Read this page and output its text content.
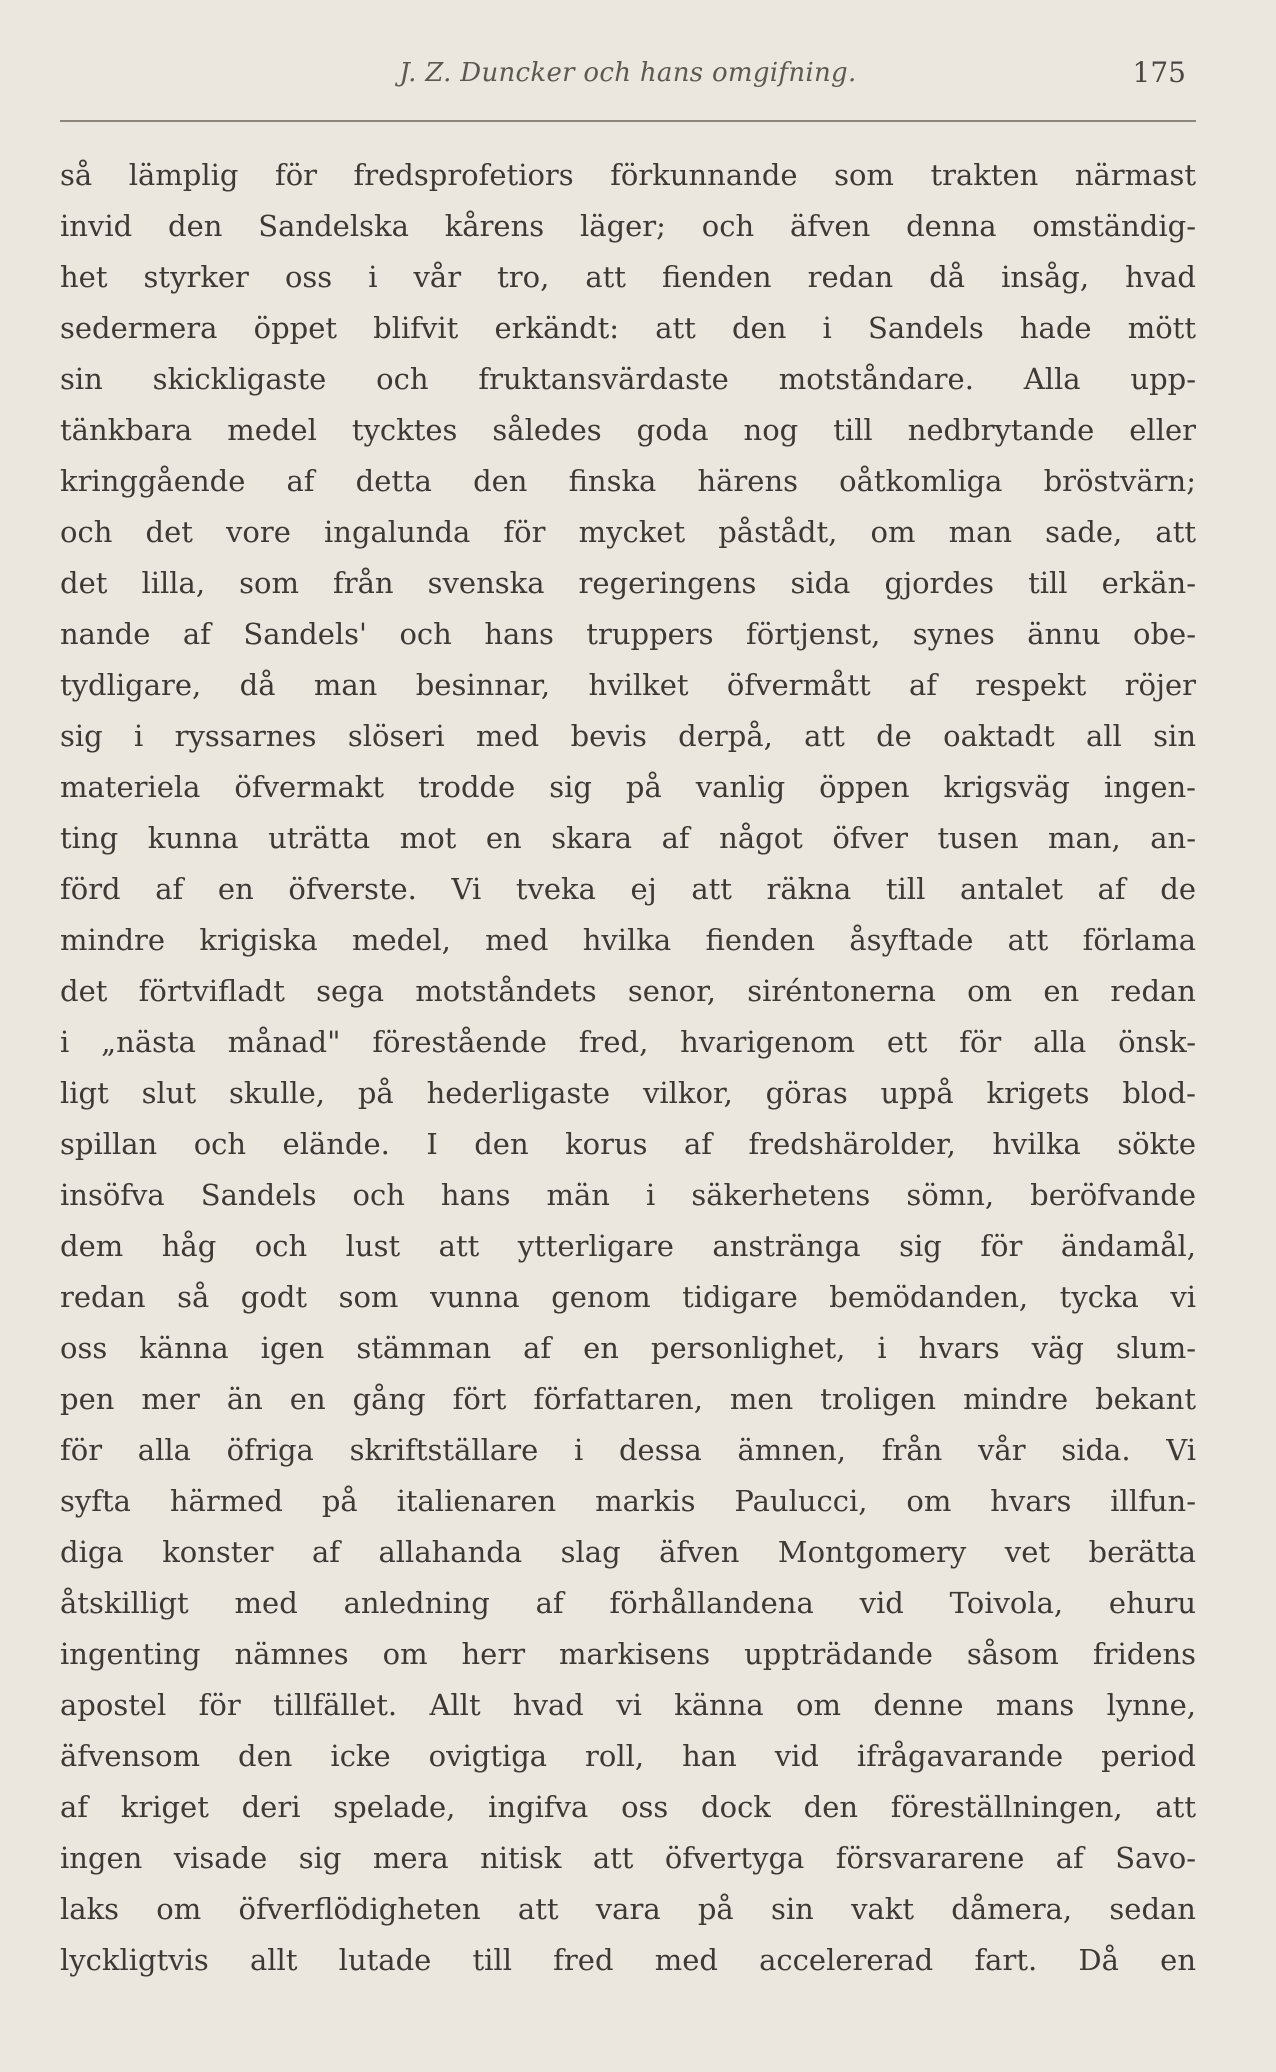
J. Z. Duncker och hans omgifning.	175
så lämplig för fredsprofetiors förkunnande som trakten närmast
invid den Sandelska kårens läger; och äfven denna omständig-
het styrker oss i vår tro, att fienden redan då insåg, hvad
sedermera öppet blifvit erkändt: att den i Sandels hade mött
sin skickligaste och fruktansvärdaste motståndare. Alla upp-
tänkbara medel tycktes således goda nog till nedbrytande eller
kringgående af detta den finska härens oåtkomliga bröstvärn;
och det vore ingalunda för mycket påstådt, om man sade, att
det lilla, som från svenska regeringens sida gjordes till erkän-
nande af Sandels' och hans truppers förtjenst, synes ännu obe-
tydligare, då man besinnar, hvilket öfvermått af respekt röjer
sig i ryssarnes slöseri med bevis derpå, att de oaktadt all sin
materiela öfvermakt trodde sig på vanlig öppen krigsväg ingen-
ting kunna uträtta mot en skara af något öfver tusen man, an-
förd af en öfverste. Vi tveka ej att räkna till antalet af de
mindre krigiska medel, med hvilka fienden åsyftade att förlama
det förtvifladt sega motståndets senor, siréntonerna om en redan
i „nästa månad" förestående fred, hvarigenom ett för alla önsk-
ligt slut skulle, på hederligaste vilkor, göras uppå krigets blod-
spillan och elände. I den korus af fredshärolder, hvilka sökte
insöfva Sandels och hans män i säkerhetens sömn, beröfvande
dem håg och lust att ytterligare anstränga sig för ändamål,
redan så godt som vunna genom tidigare bemödanden, tycka vi
oss känna igen stämman af en personlighet, i hvars väg slum-
pen mer än en gång fört författaren, men troligen mindre bekant
för alla öfriga skriftställare i dessa ämnen, från vår sida. Vi
syfta härmed på italienaren markis Paulucci, om hvars illfun-
diga konster af allahanda slag äfven Montgomery vet berätta
åtskilligt med anledning af förhållandena vid Toivola, ehuru
ingenting nämnes om herr markisens uppträdande såsom fridens
apostel för tillfället. Allt hvad vi känna om denne mans lynne,
äfvensom den icke ovigtiga roll, han vid ifrågavarande period
af kriget deri spelade, ingifva oss dock den föreställningen, att
ingen visade sig mera nitisk att öfvertyga försvararene af Savo-
laks om öfverflödigheten att vara på sin vakt dåmera, sedan
lyckligtvis allt lutade till fred med accelererad fart. Då en
